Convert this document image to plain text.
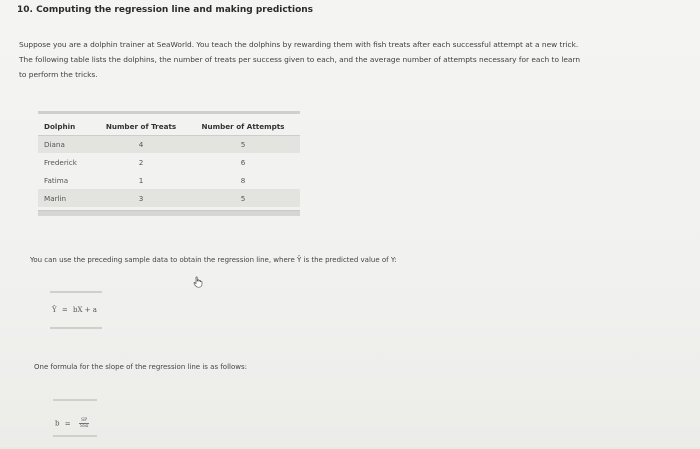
10. Computing the regression line and making predictions
Suppose you are a dolphin trainer at SeaWorld. You teach the dolphins by rewarding them with fish treats after each successful attempt at a new trick.
The following table lists the dolphins, the number of treats per success given to each, and the average number of attempts necessary for each to learn
to perform the tricks.
Dolphin	Number of Treats	Number of Attempts
Diana	4	5
Frederick	2	6
Fatima	1	8
Marlin	3	5
You can use the preceding sample data to obtain the regression line, where Ŷ is the predicted value of Y:
Ŷ = bX + a
One formula for the slope of the regression line is as follows:
$b = \frac{SP}{\text{SSx}}$
